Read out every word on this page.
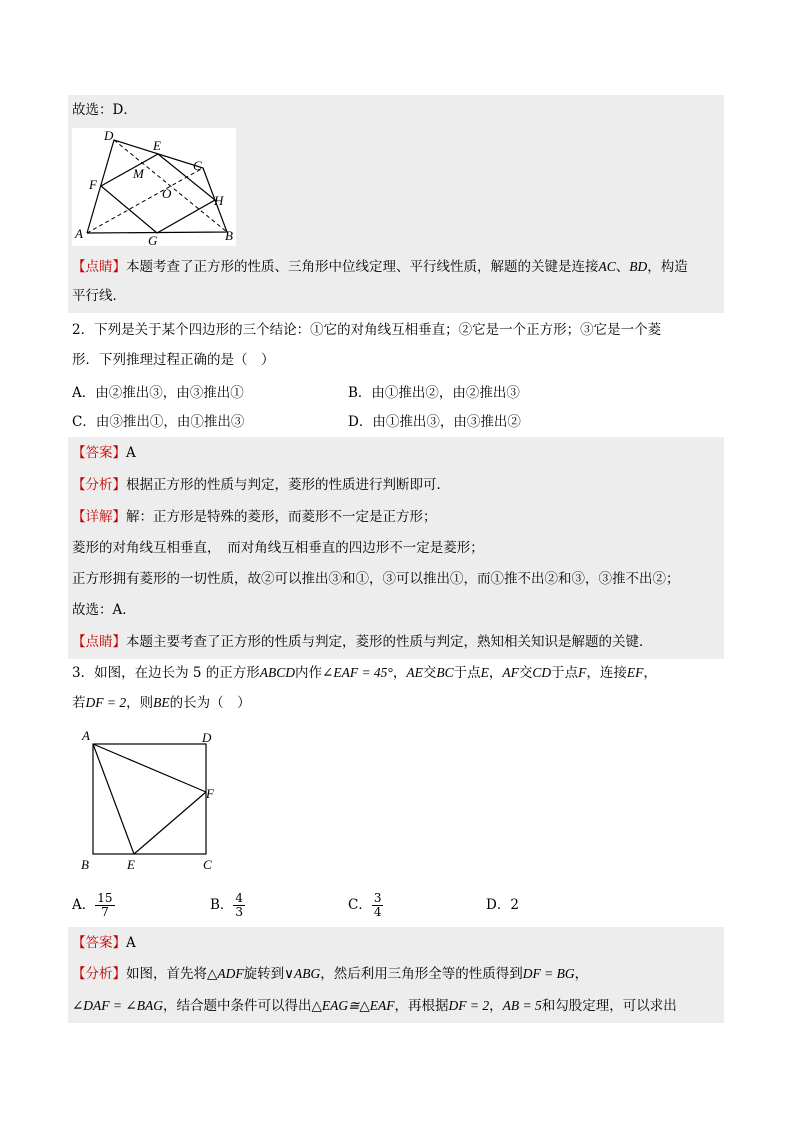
故选：D．
D
E
C
M
F
O	H
A	G	B
【点睛】本题考查了正方形的性质、三角形中位线定理、平行线性质，解题的关键是连接AC、BD，构造
平行线．
2．下列是关于某个四边形的三个结论：①它的对角线互相垂直；②它是一个正方形；③它是一个菱
形．下列推理过程正确的是（　）
A．由②推出③，由③推出①	B．由①推出②，由②推出③
C．由③推出①，由①推出③	D．由①推出③，由③推出②
【答案】A
【分析】根据正方形的性质与判定，菱形的性质进行判断即可．
【详解】解：正方形是特殊的菱形，而菱形不一定是正方形；
菱形的对角线互相垂直，　而对角线互相垂直的四边形不一定是菱形；
正方形拥有菱形的一切性质，故②可以推出③和①，③可以推出①，而①推不出②和③，③推不出②；
故选：A．
【点睛】本题主要考查了正方形的性质与判定，菱形的性质与判定，熟知相关知识是解题的关键．
3．如图，在边长为 5 的正方形ABCD内作∠EAF = 45°，AE交BC于点E，AF交CD于点F，连接EF，
若DF = 2，则BE的长为（　）
A	D
F
B	E	C
A． $\frac{15}{7}$	B． $\frac{4}{3}$	C． $\frac{3}{4}$	D．2
【答案】A
【分析】如图，首先将△ADF旋转到∨ABG，然后利用三角形全等的性质得到DF = BG，
∠DAF = ∠BAG，结合题中条件可以得出△EAG≅△EAF，再根据DF = 2，AB = 5和勾股定理，可以求出
